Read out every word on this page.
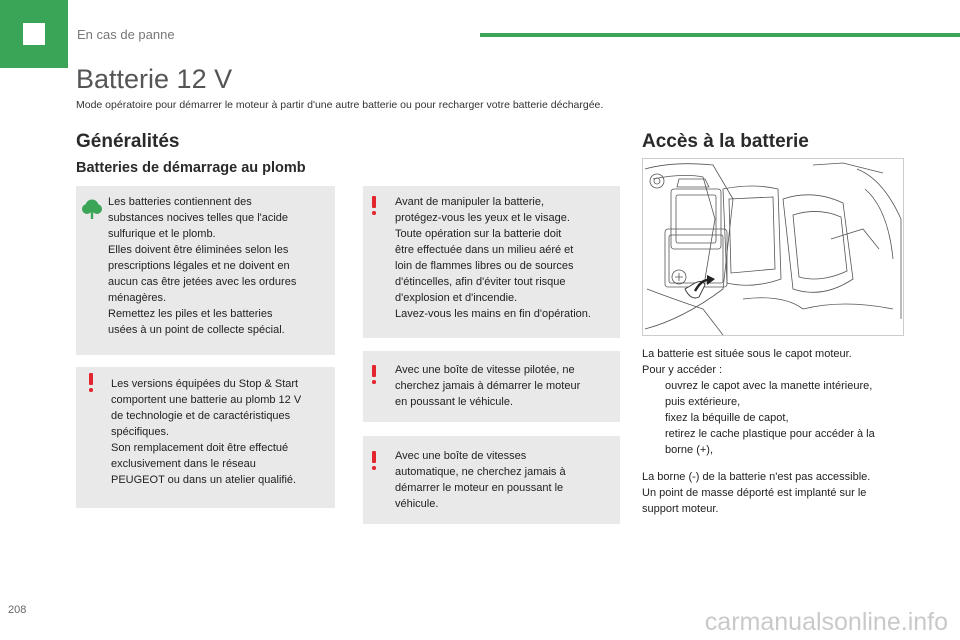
En cas de panne
Batterie 12 V
Mode opératoire pour démarrer le moteur à partir d'une autre batterie ou pour recharger votre batterie déchargée.
Généralités
Batteries de démarrage au plomb
Les batteries contiennent des
substances nocives telles que l'acide
sulfurique et le plomb.
Elles doivent être éliminées selon les
prescriptions légales et ne doivent en
aucun cas être jetées avec les ordures
ménagères.
Remettez les piles et les batteries
usées à un point de collecte spécial.
Les versions équipées du Stop & Start
comportent une batterie au plomb 12 V
de technologie et de caractéristiques
spécifiques.
Son remplacement doit être effectué
exclusivement dans le réseau
PEUGEOT ou dans un atelier qualifié.
Avant de manipuler la batterie,
protégez-vous les yeux et le visage.
Toute opération sur la batterie doit
être effectuée dans un milieu aéré et
loin de flammes libres ou de sources
d'étincelles, afin d'éviter tout risque
d'explosion et d'incendie.
Lavez-vous les mains en fin d'opération.
Avec une boîte de vitesse pilotée, ne
cherchez jamais à démarrer le moteur
en poussant le véhicule.
Avec une boîte de vitesses
automatique, ne cherchez jamais à
démarrer le moteur en poussant le
véhicule.
Accès à la batterie
La batterie est située sous le capot moteur.
Pour y accéder :
ouvrez le capot avec la manette intérieure,
puis extérieure,
fixez la béquille de capot,
retirez le cache plastique pour accéder à la
borne (+),
La borne (-) de la batterie n'est pas accessible.
Un point de masse déporté est implanté sur le
support moteur.
208	carmanualsonline.info
